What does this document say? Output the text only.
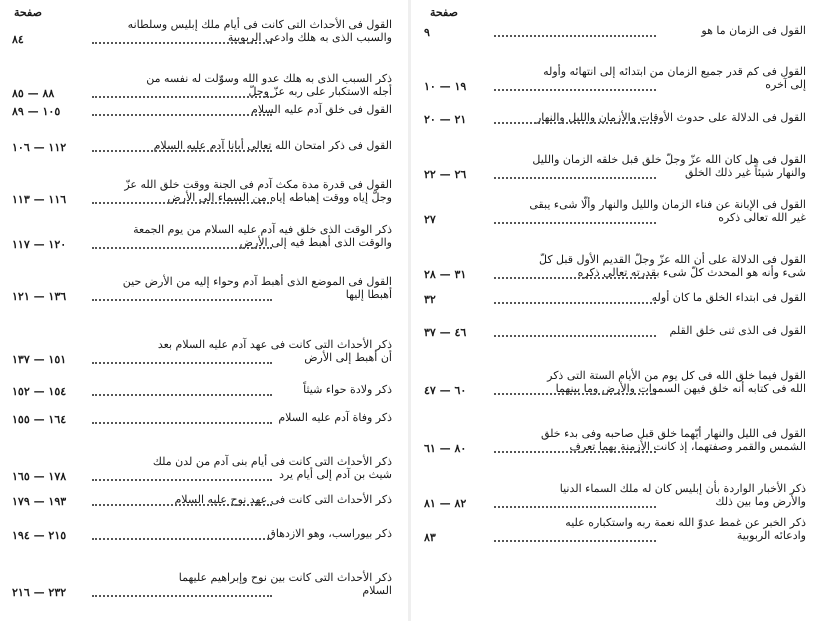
صفحة
القول فى الأحداث التى كانت فى أيام ملك إبليس وسلطانه
والسبب الذى به هلك وادعى الربوبية
٨٤
ذكر السبب الذى به هلك عدو الله وسوّلت له نفسه من
أجله الاستكبار على ربه عزّ وجلّ
٨٨ — ٨٥
القول فى خلق آدم عليه السلام
١٠٥ — ٨٩
القول فى ذكر امتحان الله تعالى أبانا آدم عليه السلام
١١٢ — ١٠٦
القول فى قدرة مدة مكث آدم فى الجنة ووقت خلق الله عزّ
وجلّ إياه ووقت إهباطه إياه من السماء إلى الأرض
١١٦ — ١١٣
ذكر الوقت الذى خلق فيه آدم عليه السلام من يوم الجمعة
والوقت الذى أهبط فيه إلى الأرض
١٢٠ — ١١٧
القول فى الموضع الذى أهبط آدم وحواء إليه من الأرض حين
أهبطا إليها
١٣٦ — ١٢١
ذكر الأحداث التى كانت فى عهد آدم عليه السلام بعد
أن أهبط إلى الأرض
١٥١ — ١٣٧
ذكر ولادة حواء شيثاً
١٥٤ — ١٥٢
ذكر وفاة آدم عليه السلام
١٦٤ — ١٥٥
ذكر الأحداث التى كانت فى أيام بنى آدم من لدن ملك
شيث بن آدم إلى أيام يرد
١٧٨ — ١٦٥
ذكر الأحداث التى كانت فى عهد نوح عليه السلام
١٩٣ — ١٧٩
ذكر بيوراسب، وهو الازدهاق
٢١٥ — ١٩٤
ذكر الأحداث التى كانت بين نوح وإبراهيم عليهما
السلام
٢٣٢ — ٢١٦
صفحة
القول فى الزمان ما هو
٩
القول فى كم قدر جميع الزمان من ابتدائه إلى انتهائه وأوله
إلى آخره
١٩ — ١٠
القول فى الدلالة على حدوث الأوقات والأزمان والليل والنهار
٢١ — ٢٠
القول فى هل كان الله عزّ وجلّ خلق قبل خلقه الزمان والليل
والنهار شيئاً غير ذلك الخلق
٢٦ — ٢٢
القول فى الإبانة عن فناء الزمان والليل والنهار وألّا شىء يبقى
غير الله تعالى ذكره
٢٧
القول فى الدلالة على أن الله عزّ وجلّ القديم الأول قبل كلّ
شىء وأنه هو المحدث كلّ شىء بقدرته تعالى ذكره
٣١ — ٢٨
القول فى ابتداء الخلق ما كان أوله
٣٢
القول فى الذى ثنى خلق القلم
٤٦ — ٣٧
القول فيما خلق الله فى كل يوم من الأيام الستة التى ذكر
الله فى كتابه أنه خلق فيهن السموات والأرض وما بينهما
٦٠ — ٤٧
القول فى الليل والنهار أيّهما خلق قبل صاحبه وفى بدء خلق
الشمس والقمر وصفتهما، إذ كانت الأزمنة بهما تعرف
٨٠ — ٦١
ذكر الأخبار الواردة بأن إبليس كان له ملك السماء الدنيا
والأرض وما بين ذلك
٨٢ — ٨١
ذكر الخبر عن غمط عدوّ الله نعمة ربه واستكباره عليه
وادعائه الربوبية
٨٣
